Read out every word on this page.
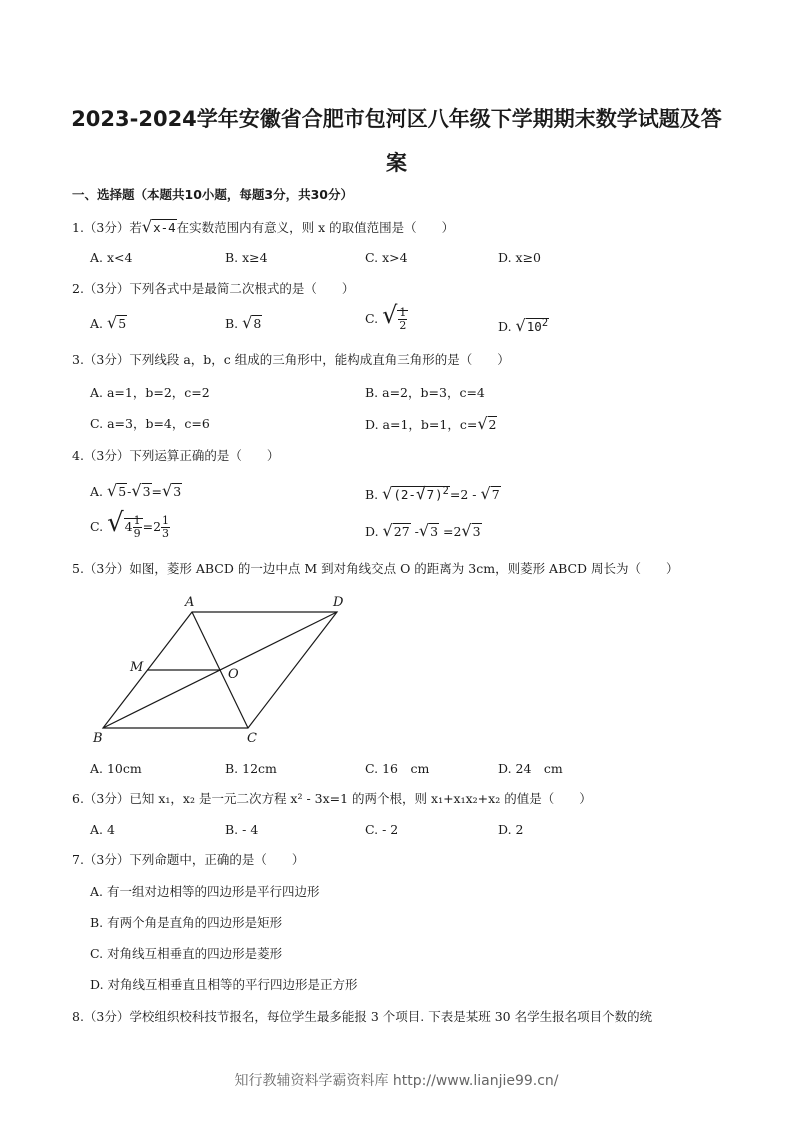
2023-2024学年安徽省合肥市包河区八年级下学期期末数学试题及答
案
一、选择题（本题共10小题，每题3分，共30分）
1.（3分）若√x-4在实数范围内有意义，则 x 的取值范围是（　　）
A. x<4	B. x≥4	C. x>4	D. x≥0
2.（3分）下列各式中是最简二次根式的是（　　）
A. √5	B. √8	C. √ $\frac{1}{2}$	D. $√10^2$
3.（3分）下列线段 a，b，c 组成的三角形中，能构成直角三角形的是（　　）
A. a=1，b=2，c=2	B. a=2，b=3，c=4
C. a=3，b=4，c=6	D. a=1，b=1，c=√2
4.（3分）下列运算正确的是（　　）
A. √5-√3=√3	B. $√(2-√7)^2=2 - √7$
C. $√4 \frac{1}{9} =2 \frac{1}{3}$	D. √27 -√3 =2√3
5.（3分）如图，菱形 ABCD 的一边中点 M 到对角线交点 O 的距离为 3cm，则菱形 ABCD 周长为（　　）
A	D
M	O
B	C
A. 10cm	B. 12cm	C. 16　cm	D. 24　cm
6.（3分）已知 x₁，x₂ 是一元二次方程 x² - 3x=1 的两个根，则 x₁+x₁x₂+x₂ 的值是（　　）
A. 4	B. - 4	C. - 2	D. 2
7.（3分）下列命题中，正确的是（　　）
A. 有一组对边相等的四边形是平行四边形
B. 有两个角是直角的四边形是矩形
C. 对角线互相垂直的四边形是菱形
D. 对角线互相垂直且相等的平行四边形是正方形
8.（3分）学校组织校科技节报名，每位学生最多能报 3 个项目. 下表是某班 30 名学生报名项目个数的统
知行教辅资料学霸资料库 http://www.lianjie99.cn/
